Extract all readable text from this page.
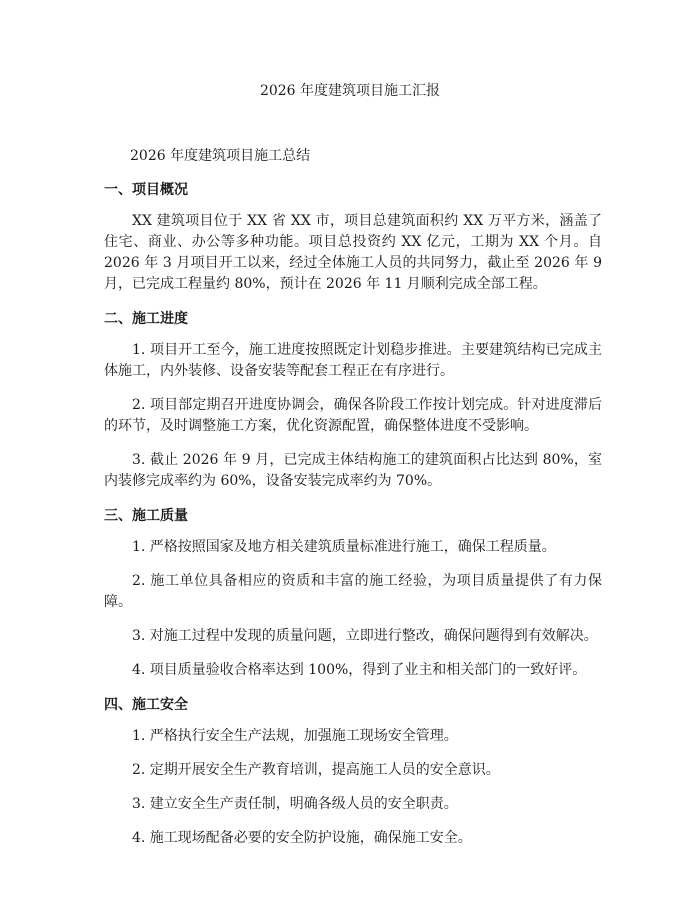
2026 年度建筑项目施工汇报
2026 年度建筑项目施工总结
一、项目概况

XX 建筑项目位于 XX 省 XX 市，项目总建筑面积约 XX 万平方米，涵盖了住宅、商业、办公等多种功能。项目总投资约 XX 亿元，工期为 XX 个月。自 2026 年 3 月项目开工以来，经过全体施工人员的共同努力，截止至 2026 年 9 月，已完成工程量约 80%，预计在 2026 年 11 月顺利完成全部工程。

二、施工进度

1. 项目开工至今，施工进度按照既定计划稳步推进。主要建筑结构已完成主体施工，内外装修、设备安装等配套工程正在有序进行。

2. 项目部定期召开进度协调会，确保各阶段工作按计划完成。针对进度滞后的环节，及时调整施工方案，优化资源配置，确保整体进度不受影响。

3. 截止 2026 年 9 月，已完成主体结构施工的建筑面积占比达到 80%，室内装修完成率约为 60%，设备安装完成率约为 70%。

三、施工质量

1. 严格按照国家及地方相关建筑质量标准进行施工，确保工程质量。

2. 施工单位具备相应的资质和丰富的施工经验，为项目质量提供了有力保障。

3. 对施工过程中发现的质量问题，立即进行整改，确保问题得到有效解决。

4. 项目质量验收合格率达到 100%，得到了业主和相关部门的一致好评。

四、施工安全

1. 严格执行安全生产法规，加强施工现场安全管理。

2. 定期开展安全生产教育培训，提高施工人员的安全意识。

3. 建立安全生产责任制，明确各级人员的安全职责。

4. 施工现场配备必要的安全防护设施，确保施工安全。
